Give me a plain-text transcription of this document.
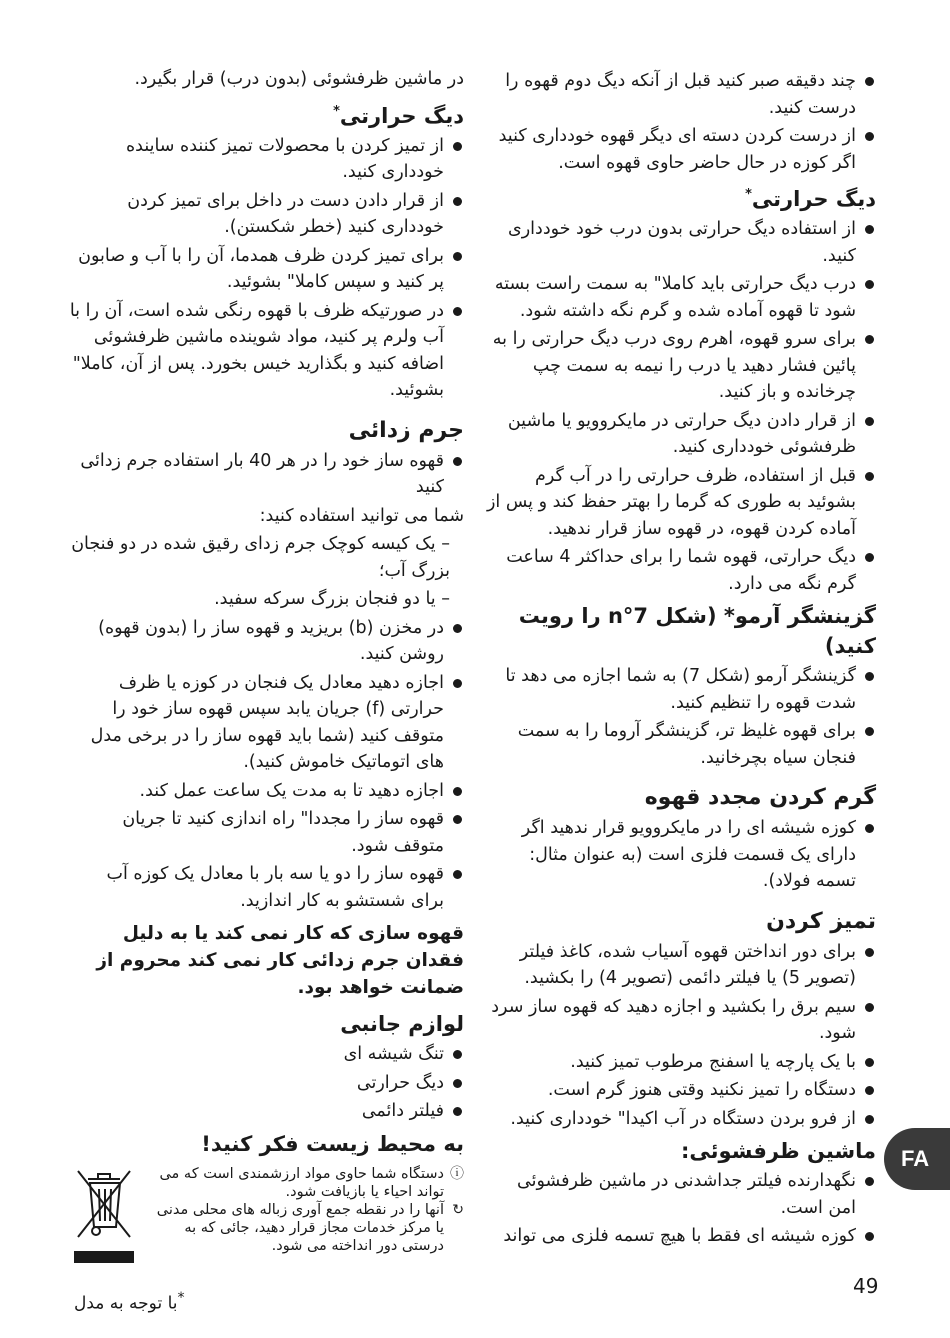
چند دقیقه صبر کنید قبل از آنکه دیگ دوم قهوه را درست کنید.
از درست کردن دسته ای دیگر قهوه خودداری کنید اگر کوزه در حال حاضر حاوی قهوه است.
دیگ حرارتی*
از استفاده دیگ حرارتی بدون درب خود خودداری کنید.
درب دیگ حرارتی باید کاملا" به سمت راست بسته شود تا قهوه آماده شده و گرم نگه داشته شود.
برای سرو قهوه، اهرم روی درب دیگ حرارتی را به پائین فشار دهید یا درب را نیمه به سمت چپ چرخانده و باز کنید.
از قرار دادن دیگ حرارتی در مایکروویو یا ماشین ظرفشوئی خودداری کنید.
قبل از استفاده، ظرف حرارتی را در آب گرم بشوئید به طوری که گرما را بهتر حفظ کند و پس از آماده کردن قهوه، در قهوه ساز قرار ندهید.
دیگ حرارتی، قهوه شما را برای حداکثر 4 ساعت گرم نگه می دارد.
گزینشگر آرمو* (شکل n°7 را رویت کنید)
گزینشگر آرمو (شکل 7) به شما اجازه می دهد تا شدت قهوه را تنظیم کنید.
برای قهوه غلیظ تر، گزینشگر آروما را به سمت فنجان سیاه بچرخانید.
گرم کردن مجدد قهوه
کوزه شیشه ای را در مایکروویو قرار ندهید اگر دارای یک قسمت فلزی است (به عنوان مثال: تسمه فولاد).
تمیز کردن
برای دور انداختن قهوه آسیاب شده، کاغذ فیلتر (تصویر 5) یا فیلتر دائمی (تصویر 4) را بکشید.
سیم برق را بکشید و اجازه دهید که قهوه ساز سرد شود.
با یک پارچه یا اسفنج مرطوب تمیز کنید.
دستگاه را تمیز نکنید وقتی هنوز گرم است.
از فرو بردن دستگاه در آب اکیدا" خودداری کنید.
ماشین ظرفشوئی:
نگهدارنده فیلتر جداشدنی در ماشین ظرفشوئی امن است.
کوزه شیشه ای فقط با هیچ تسمه فلزی می تواند

در ماشین ظرفشوئی (بدون درب) قرار بگیرد.

دیگ حرارتی*
از تمیز کردن با محصولات تمیز کننده ساینده خودداری کنید.
از قرار دادن دست در داخل برای تمیز کردن خودداری کنید (خطر شکستن).
برای تمیز کردن ظرف همدما، آن را با آب و صابون پر کنید و سپس کاملا" بشوئید.
در صورتیکه ظرف با قهوه رنگی شده است، آن را با آب ولرم پر کنید، مواد شوینده ماشین ظرفشوئی اضافه کنید و بگذارید خیس بخورد. پس از آن، کاملا" بشوئید.
جرم زدائی
قهوه ساز خود را در هر 40 بار استفاده جرم زدائی کنید

شما می توانید استفاده کنید:

– یک کیسه کوچک جرم زدای رقیق شده در دو فنجان بزرگ آب؛
– یا دو فنجان بزرگ سرکه سفید.
در مخزن (b) بریزید و قهوه ساز را (بدون قهوه) روشن کنید.
اجازه دهید معادل یک فنجان در کوزه یا ظرف حرارتی (f) جریان یابد سپس قهوه ساز خود را متوقف کنید (شما باید قهوه ساز را در برخی مدل های اتوماتیک خاموش کنید).
اجازه دهید تا به مدت یک ساعت عمل کند.
قهوه ساز را مجددا" راه اندازی کنید تا جریان متوقف شود.
قهوه ساز را دو یا سه بار با معادل یک کوزه آب برای شستشو به کار اندازید.

قهوه سازی که کار نمی کند یا به دلیل فقدان جرم زدائی کار نمی کند محروم از ضمانت خواهد بود.

لوازم جانبی
تنگ شیشه ای
دیگ حرارتی
فیلتر دائمی
به محیط زیست فکر کنید!
ⓘ
دستگاه شما حاوی مواد ارزشمندی است که می تواند احیاء یا بازیافت شود.
↻
آنها را در نقطه جمع آوری زباله های محلی مدنی یا مرکز خدمات مجاز قرار دهید، جائی که به درستی دور انداخته می شود.
*با توجه به مدل
49
FA
